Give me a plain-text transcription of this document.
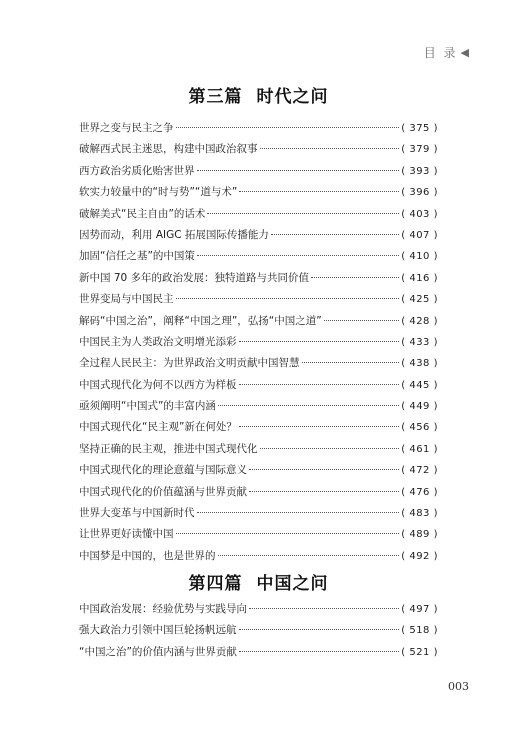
目 录 ◀
第三篇 时代之问
世界之变与民主之争	( 375 )
破解西式民主迷思，构建中国政治叙事	( 379 )
西方政治劣质化贻害世界	( 393 )
软实力较量中的“时与势”“道与术”	( 396 )
破解美式“民主自由”的话术	( 403 )
因势而动，利用 AIGC 拓展国际传播能力	( 407 )
加固“信任之基”的中国策	( 410 )
新中国 70 多年的政治发展：独特道路与共同价值	( 416 )
世界变局与中国民主	( 425 )
解码“中国之治”，阐释“中国之理”，弘扬“中国之道”	( 428 )
中国民主为人类政治文明增光添彩	( 433 )
全过程人民民主：为世界政治文明贡献中国智慧	( 438 )
中国式现代化为何不以西方为样板	( 445 )
亟须阐明“中国式”的丰富内涵	( 449 )
中国式现代化“民主观”新在何处？	( 456 )
坚持正确的民主观，推进中国式现代化	( 461 )
中国式现代化的理论意蕴与国际意义	( 472 )
中国式现代化的价值蕴涵与世界贡献	( 476 )
世界大变革与中国新时代	( 483 )
让世界更好读懂中国	( 489 )
中国梦是中国的，也是世界的	( 492 )
第四篇 中国之问
中国政治发展：经验优势与实践导向	( 497 )
强大政治力引领中国巨轮扬帆远航	( 518 )
“中国之治”的价值内涵与世界贡献	( 521 )
003
